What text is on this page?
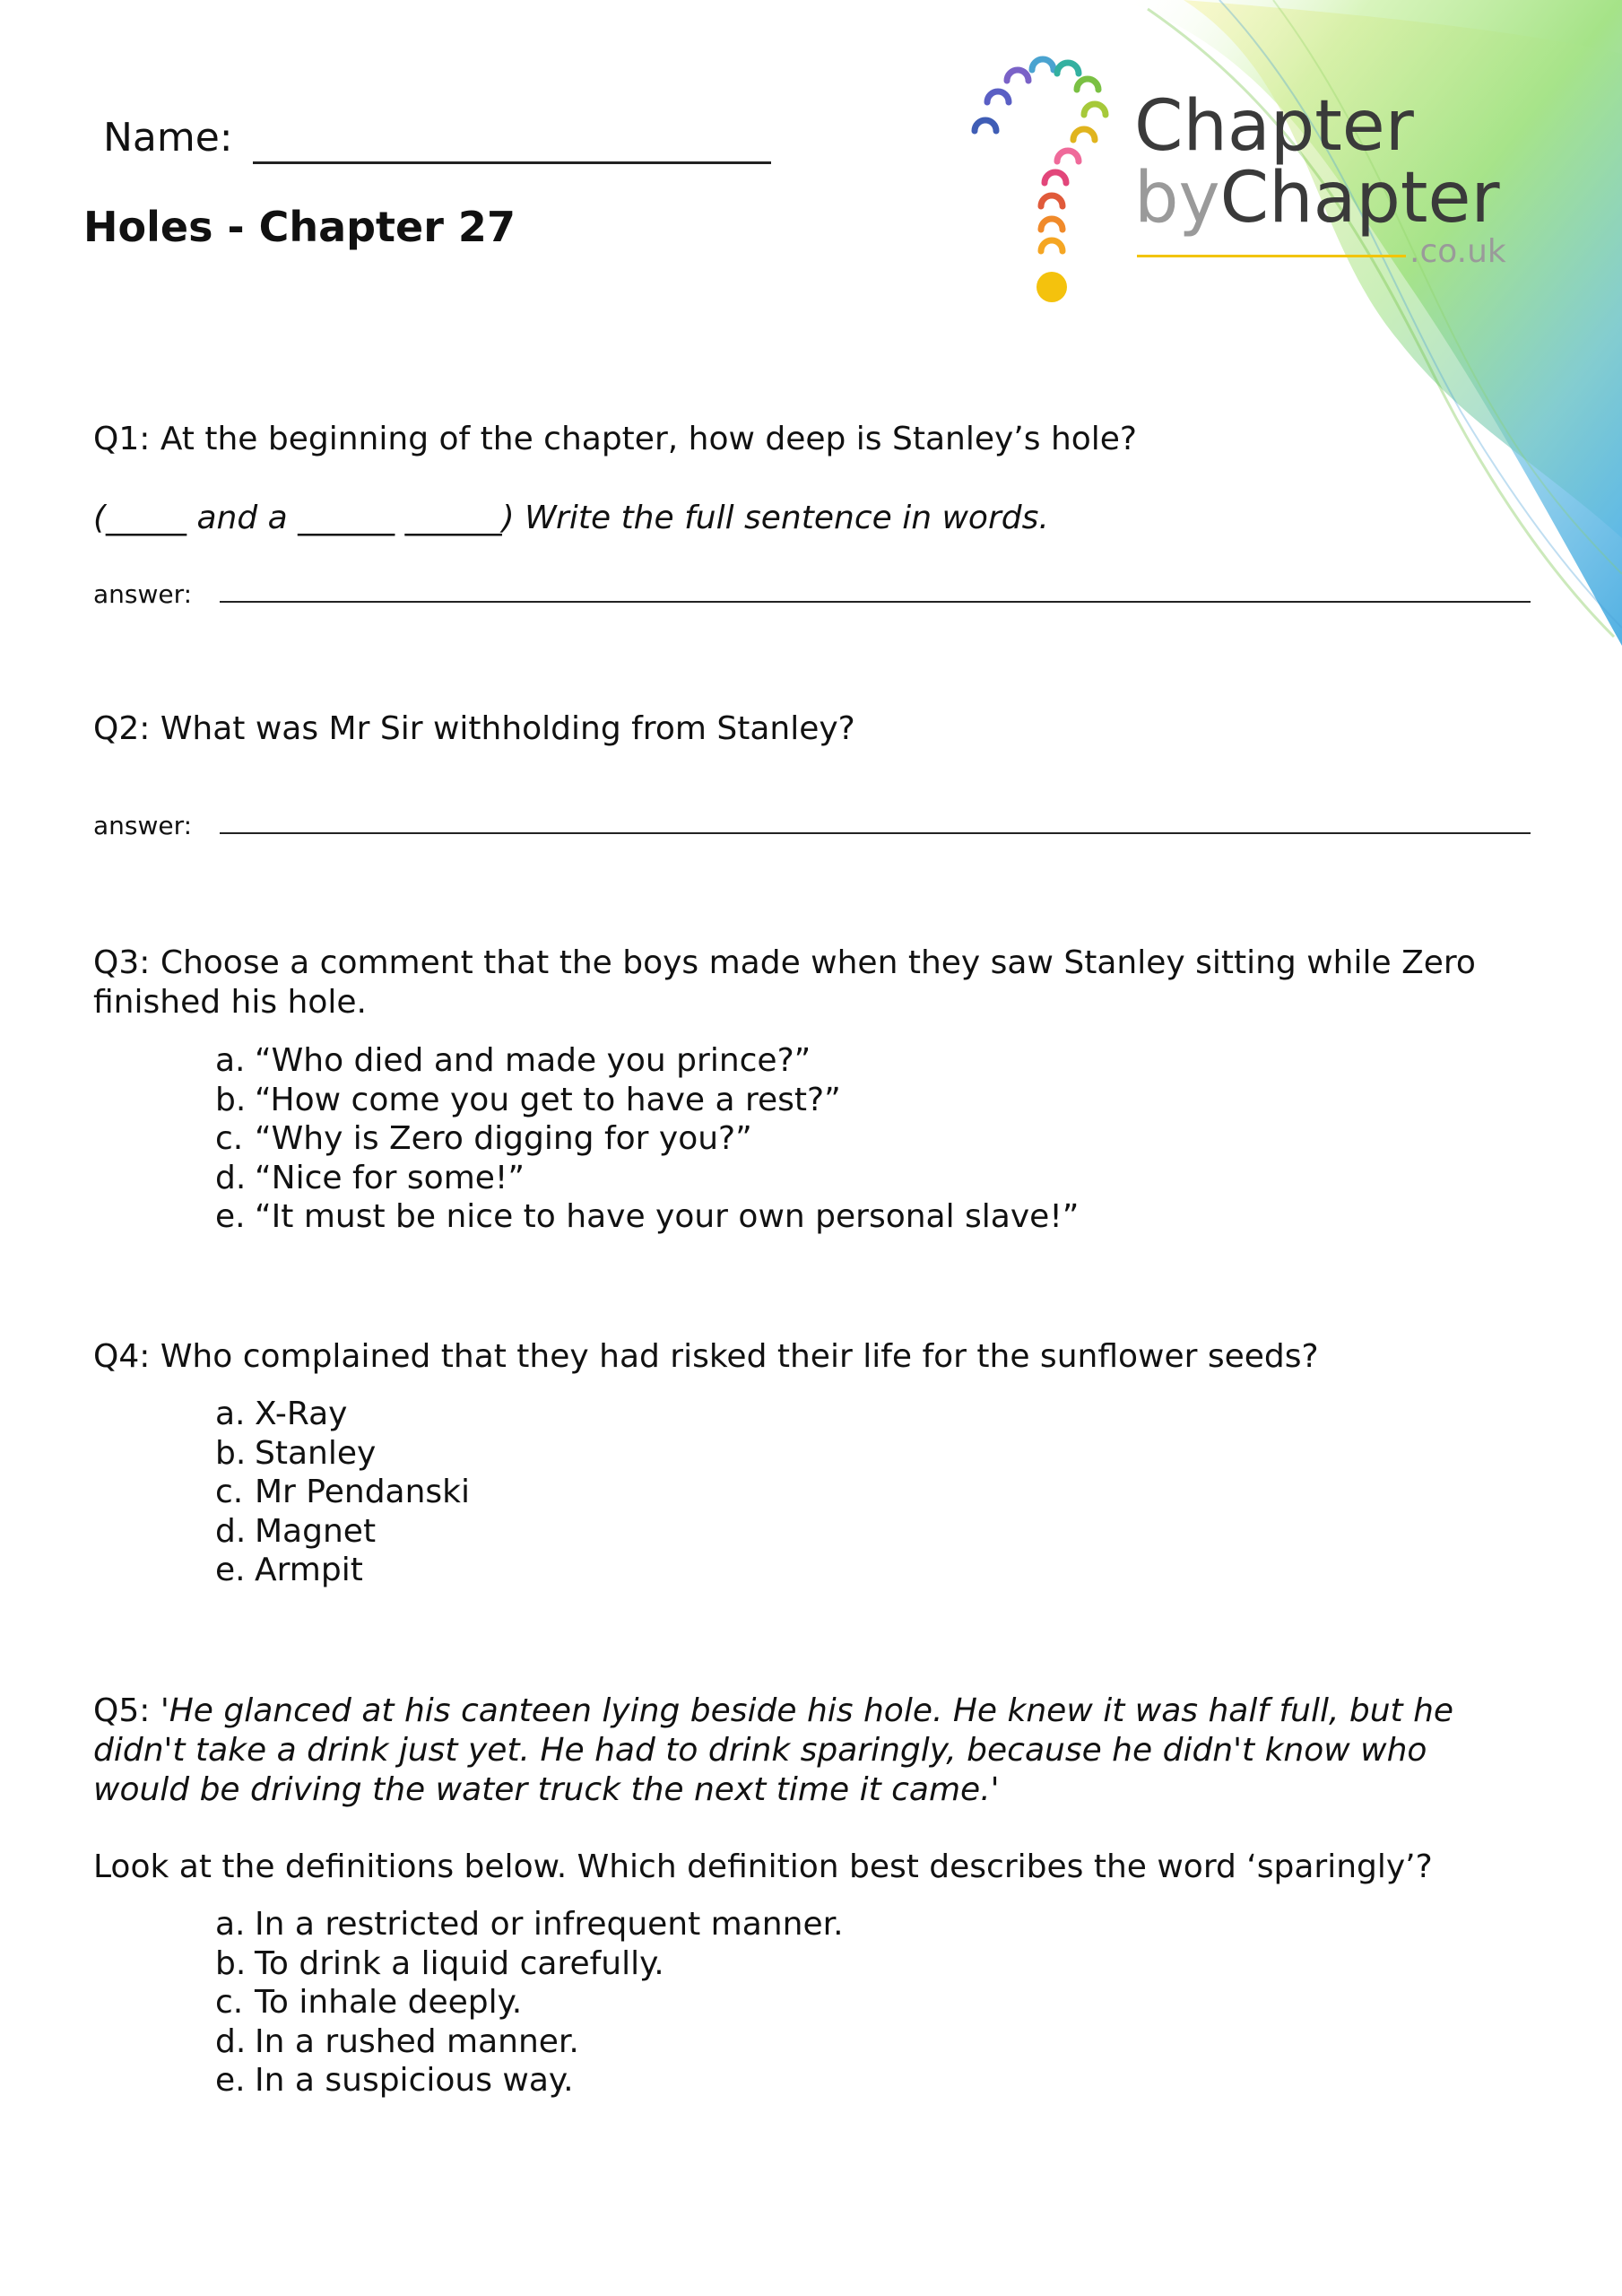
Name:
Holes - Chapter 27
Chapter
byChapter
.co.uk
Q1: At the beginning of the chapter, how deep is Stanley’s hole?
(_____ and a ______ ______) Write the full sentence in words.
answer:
Q2: What was Mr Sir withholding from Stanley?
answer:
Q3: Choose a comment that the boys made when they saw Stanley sitting while Zero finished his hole.
a. “Who died and made you prince?”
b. “How come you get to have a rest?”
c. “Why is Zero digging for you?”
d. “Nice for some!”
e. “It must be nice to have your own personal slave!”
Q4: Who complained that they had risked their life for the sunflower seeds?
a. X-Ray
b. Stanley
c. Mr Pendanski
d. Magnet
e. Armpit
Q5: 'He glanced at his canteen lying beside his hole. He knew it was half full, but he didn't take a drink just yet. He had to drink sparingly, because he didn't know who would be driving the water truck the next time it came.'
Look at the definitions below. Which definition best describes the word ‘sparingly’?
a. In a restricted or infrequent manner.
b. To drink a liquid carefully.
c. To inhale deeply.
d. In a rushed manner.
e. In a suspicious way.
